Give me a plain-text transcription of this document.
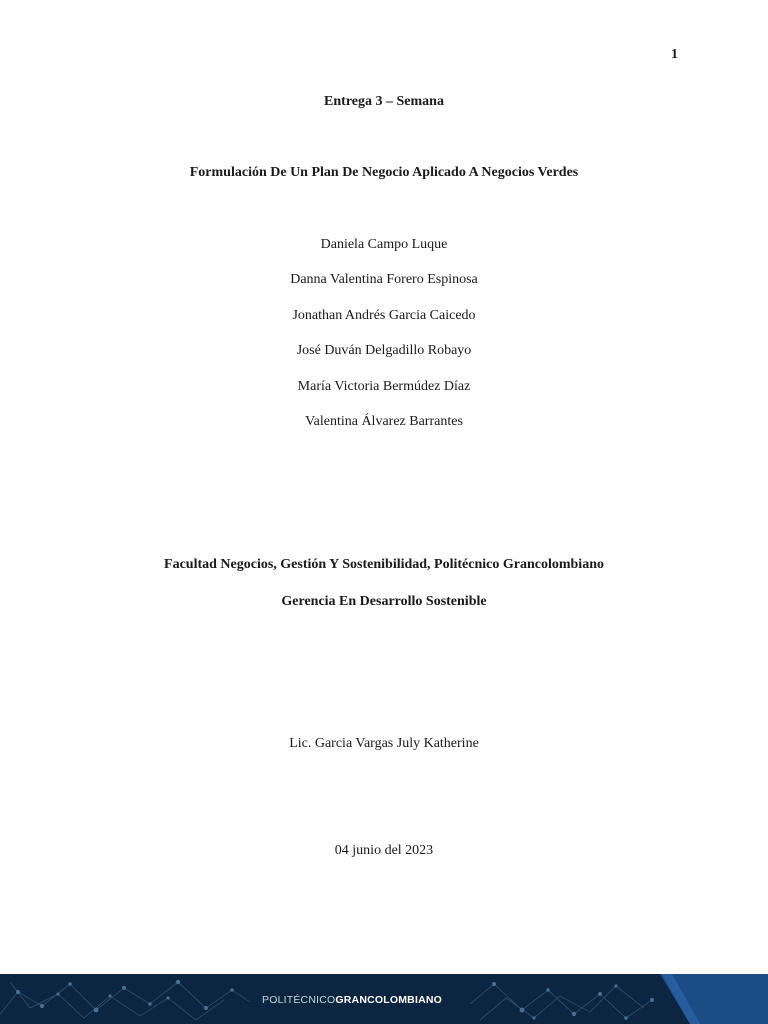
1
Entrega 3 – Semana
Formulación De Un Plan De Negocio Aplicado A Negocios Verdes
Daniela Campo Luque
Danna Valentina Forero Espinosa
Jonathan Andrés Garcia Caicedo
José Duván Delgadillo Robayo
María Victoria Bermúdez Díaz
Valentina Álvarez Barrantes
Facultad Negocios, Gestión Y Sostenibilidad, Politécnico Grancolombiano
Gerencia En Desarrollo Sostenible
Lic. Garcia Vargas July Katherine
04 junio del 2023
POLITÉCNICOGRANCOLOMBIANO
